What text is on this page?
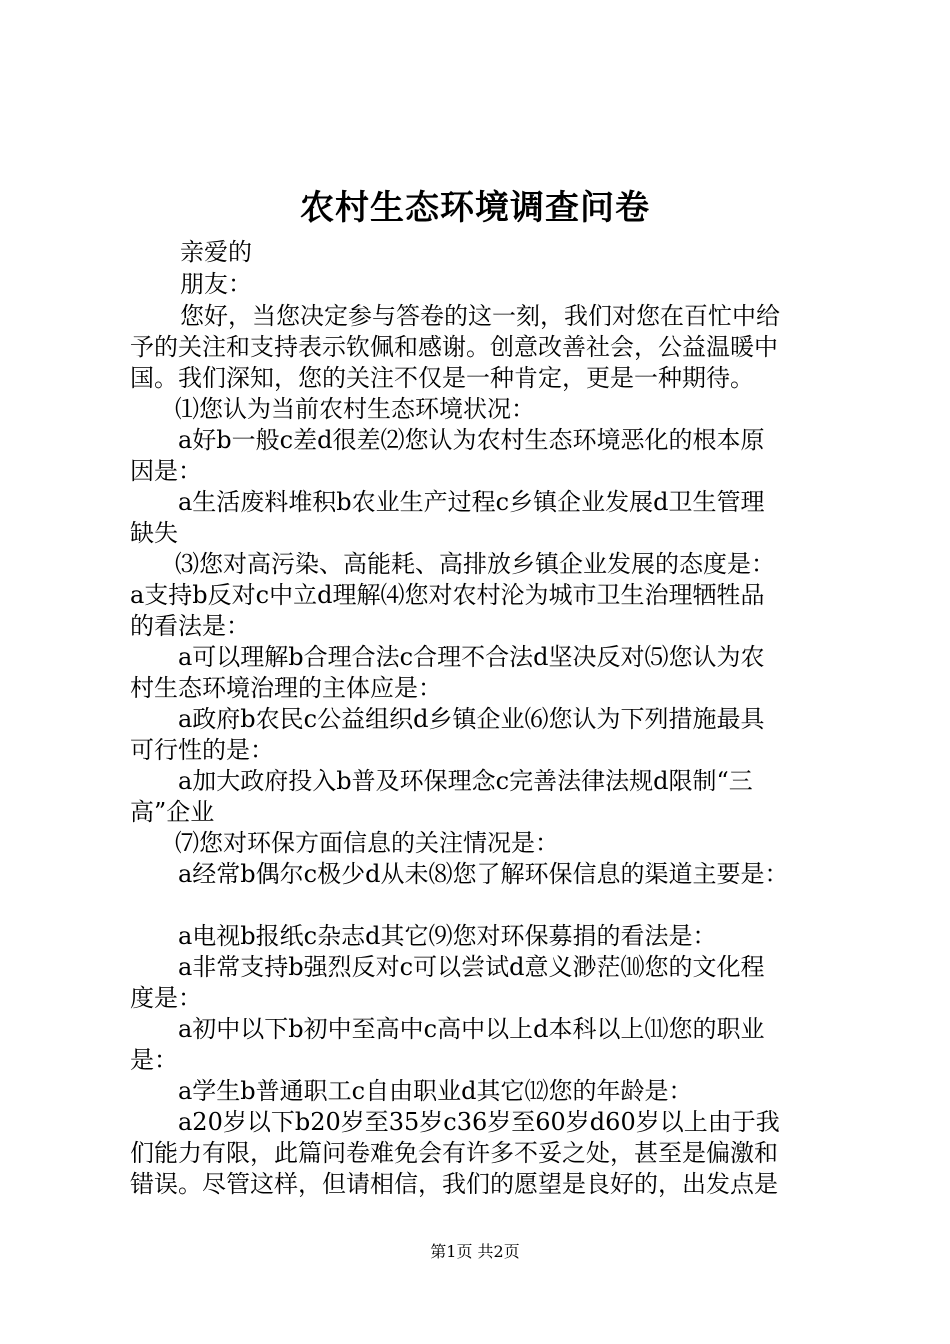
农村生态环境调查问卷
亲爱的
朋友：
您好，当您决定参与答卷的这一刻，我们对您在百忙中给
予的关注和支持表示钦佩和感谢。创意改善社会，公益温暖中
国。我们深知，您的关注不仅是一种肯定，更是一种期待。
⑴您认为当前农村生态环境状况：
a好b一般c差d很差⑵您认为农村生态环境恶化的根本原
因是：
a生活废料堆积b农业生产过程c乡镇企业发展d卫生管理
缺失
⑶您对高污染、高能耗、高排放乡镇企业发展的态度是：
a支持b反对c中立d理解⑷您对农村沦为城市卫生治理牺牲品
的看法是：
a可以理解b合理合法c合理不合法d坚决反对⑸您认为农
村生态环境治理的主体应是：
a政府b农民c公益组织d乡镇企业⑹您认为下列措施最具
可行性的是：
a加大政府投入b普及环保理念c完善法律法规d限制“三
高”企业
⑺您对环保方面信息的关注情况是：
a经常b偶尔c极少d从未⑻您了解环保信息的渠道主要是：
a电视b报纸c杂志d其它⑼您对环保募捐的看法是：
a非常支持b强烈反对c可以尝试d意义渺茫⑽您的文化程
度是：
a初中以下b初中至高中c高中以上d本科以上⑾您的职业
是：
a学生b普通职工c自由职业d其它⑿您的年龄是：
a20岁以下b20岁至35岁c36岁至60岁d60岁以上由于我
们能力有限，此篇问卷难免会有许多不妥之处，甚至是偏激和
错误。尽管这样，但请相信，我们的愿望是良好的，出发点是
第1页 共2页
